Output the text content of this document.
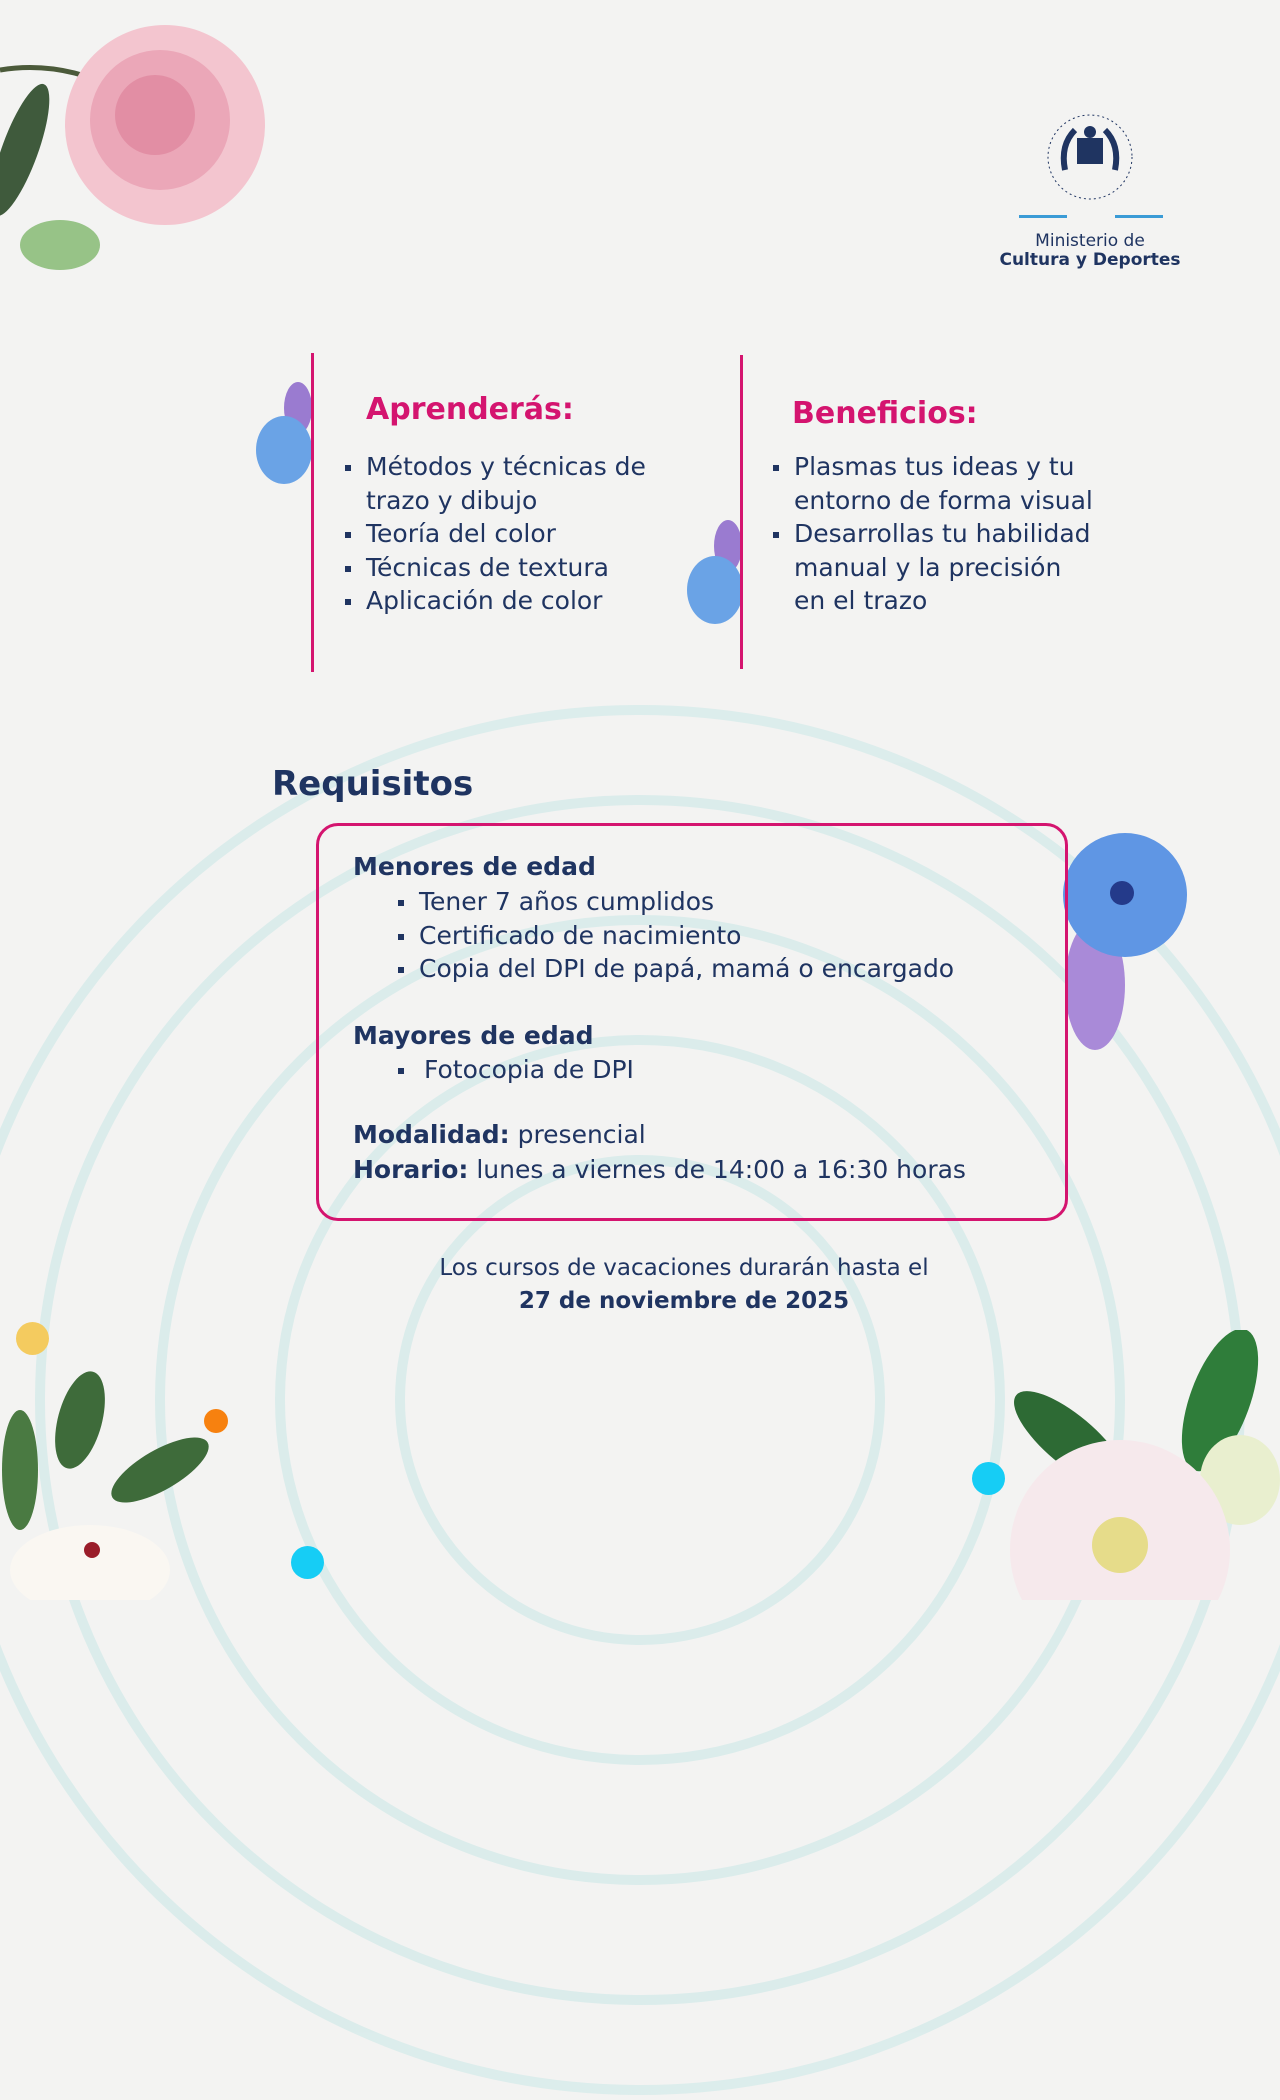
Ministerio de
Cultura y Deportes
Aprenderás:
Métodos y técnicas de trazo y dibujo
Teoría del color
Técnicas de textura
Aplicación de color
Beneficios:
Plasmas tus ideas y tu entorno de forma visual
Desarrollas tu habilidad manual y la precisión en el trazo
Requisitos
Menores de edad
Tener 7 años cumplidos
Certificado de nacimiento
Copia del DPI de papá, mamá o encargado
Mayores de edad
Fotocopia de DPI
Modalidad: presencial
Horario: lunes a viernes de 14:00 a 16:30 horas
Los cursos de vacaciones durarán hasta el
27 de noviembre de 2025
